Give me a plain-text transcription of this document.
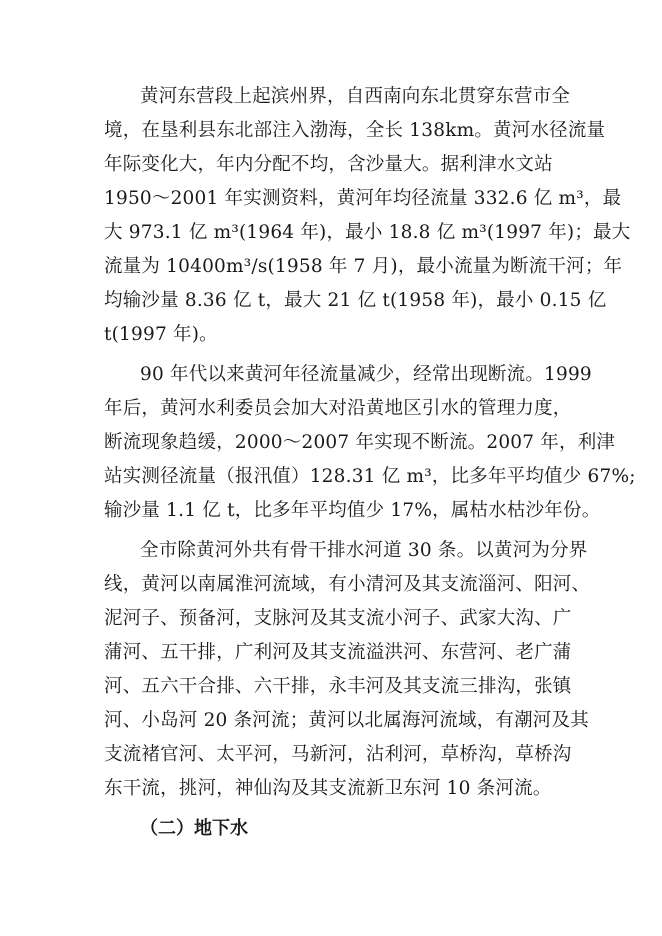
黄河东营段上起滨州界，自西南向东北贯穿东营市全
境，在垦利县东北部注入渤海，全长 138km。黄河水径流量
年际变化大，年内分配不均，含沙量大。据利津水文站
1950～2001 年实测资料，黄河年均径流量 332.6 亿 m³，最
大 973.1 亿 m³(1964 年)，最小 18.8 亿 m³(1997 年)；最大
流量为 10400m³/s(1958 年 7 月)，最小流量为断流干河；年
均输沙量 8.36 亿 t，最大 21 亿 t(1958 年)，最小 0.15 亿
t(1997 年)。
90 年代以来黄河年径流量减少，经常出现断流。1999
年后，黄河水利委员会加大对沿黄地区引水的管理力度，
断流现象趋缓，2000～2007 年实现不断流。2007 年，利津
站实测径流量（报汛值）128.31 亿 m³，比多年平均值少 67%;
输沙量 1.1 亿 t，比多年平均值少 17%，属枯水枯沙年份。
全市除黄河外共有骨干排水河道 30 条。以黄河为分界
线，黄河以南属淮河流域，有小清河及其支流淄河、阳河、
泥河子、预备河，支脉河及其支流小河子、武家大沟、广
蒲河、五干排，广利河及其支流溢洪河、东营河、老广蒲
河、五六干合排、六干排，永丰河及其支流三排沟，张镇
河、小岛河 20 条河流；黄河以北属海河流域，有潮河及其
支流褚官河、太平河，马新河，沾利河，草桥沟，草桥沟
东干流，挑河，神仙沟及其支流新卫东河 10 条河流。
（二）地下水
